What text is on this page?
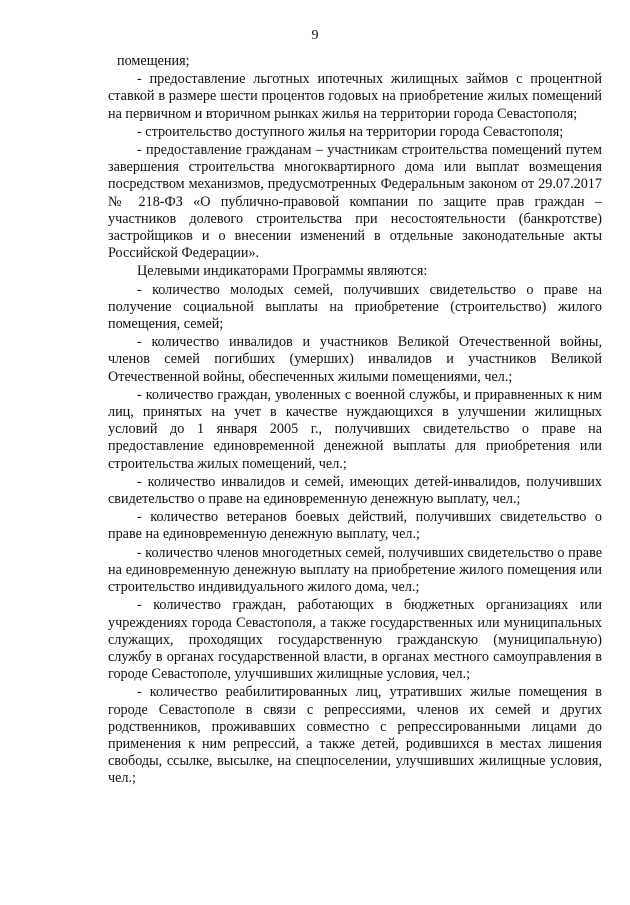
9

помещения;

- предоставление льготных ипотечных жилищных займов с процентной ставкой в размере шести процентов годовых на приобретение жилых помещений на первичном и вторичном рынках жилья на территории города Севастополя;

- строительство доступного жилья на территории города Севастополя;

- предоставление гражданам – участникам строительства помещений путем завершения строительства многоквартирного дома или выплат возмещения посредством механизмов, предусмотренных Федеральным законом от 29.07.2017 № 218-ФЗ «О публично-правовой компании по защите прав граждан – участников долевого строительства при несостоятельности (банкротстве) застройщиков и о внесении изменений в отдельные законодательные акты Российской Федерации».

Целевыми индикаторами Программы являются:

- количество молодых семей, получивших свидетельство о праве на получение социальной выплаты на приобретение (строительство) жилого помещения, семей;

- количество инвалидов и участников Великой Отечественной войны, членов семей погибших (умерших) инвалидов и участников Великой Отечественной войны, обеспеченных жилыми помещениями, чел.;

- количество граждан, уволенных с военной службы, и приравненных к ним лиц, принятых на учет в качестве нуждающихся в улучшении жилищных условий до 1 января 2005 г., получивших свидетельство о праве на предоставление единовременной денежной выплаты для приобретения или строительства жилых помещений, чел.;

- количество инвалидов и семей, имеющих детей-инвалидов, получивших свидетельство о праве на единовременную денежную выплату, чел.;

- количество ветеранов боевых действий, получивших свидетельство о праве на единовременную денежную выплату, чел.;

- количество членов многодетных семей, получивших свидетельство о праве на единовременную денежную выплату на приобретение жилого помещения или строительство индивидуального жилого дома, чел.;

- количество граждан, работающих в бюджетных организациях или учреждениях города Севастополя, а также государственных или муниципальных служащих, проходящих государственную гражданскую (муниципальную) службу в органах государственной власти, в органах местного самоуправления в городе Севастополе, улучшивших жилищные условия, чел.;

- количество реабилитированных лиц, утративших жилые помещения в городе Севастополе в связи с репрессиями, членов их семей и других родственников, проживавших совместно с репрессированными лицами до применения к ним репрессий, а также детей, родившихся в местах лишения свободы, ссылке, высылке, на спецпоселении, улучшивших жилищные условия, чел.;
